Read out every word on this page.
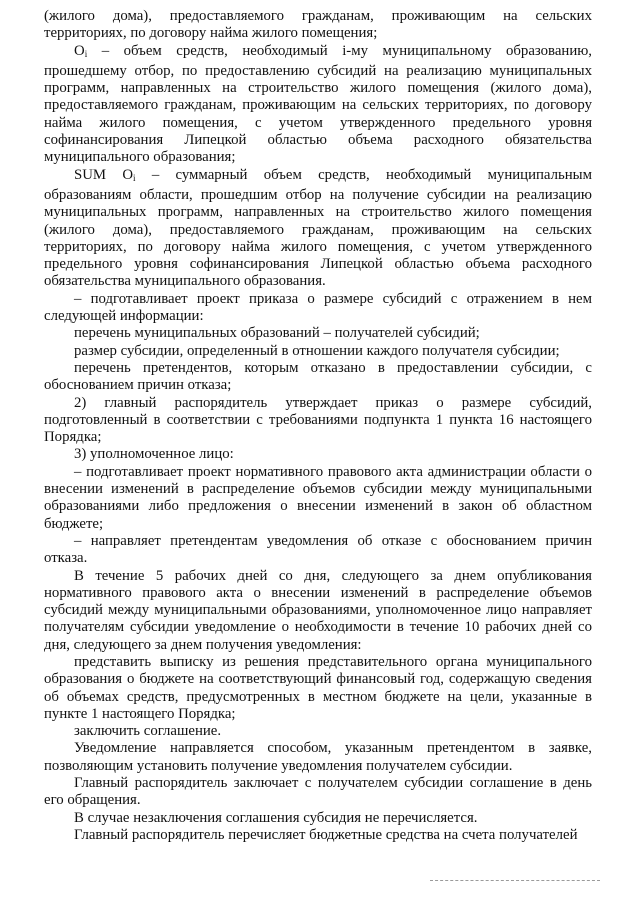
(жилого дома), предоставляемого гражданам, проживающим на сельских территориях, по договору найма жилого помещения;

$O_i$ – объем средств, необходимый i-му муниципальному образованию, прошедшему отбор, по предоставлению субсидий на реализацию муниципальных программ, направленных на строительство жилого помещения (жилого дома), предоставляемого гражданам, проживающим на сельских территориях, по договору найма жилого помещения, с учетом утвержденного предельного уровня софинансирования Липецкой областью объема расходного обязательства муниципального образования;

SUM $O_i$ – суммарный объем средств, необходимый муниципальным образованиям области, прошедшим отбор на получение субсидии на реализацию муниципальных программ, направленных на строительство жилого помещения (жилого дома), предоставляемого гражданам, проживающим на сельских территориях, по договору найма жилого помещения, с учетом утвержденного предельного уровня софинансирования Липецкой областью объема расходного обязательства муниципального образования.

– подготавливает проект приказа о размере субсидий с отражением в нем следующей информации:

перечень муниципальных образований – получателей субсидий;

размер субсидии, определенный в отношении каждого получателя субсидии;

перечень претендентов, которым отказано в предоставлении субсидии, с обоснованием причин отказа;

2) главный распорядитель утверждает приказ о размере субсидий, подготовленный в соответствии с требованиями подпункта 1 пункта 16 настоящего Порядка;

3) уполномоченное лицо:

– подготавливает проект нормативного правового акта администрации области о внесении изменений в распределение объемов субсидии между муниципальными образованиями либо предложения о внесении изменений в закон об областном бюджете;

– направляет претендентам уведомления об отказе с обоснованием причин отказа.

В течение 5 рабочих дней со дня, следующего за днем опубликования нормативного правового акта о внесении изменений в распределение объемов субсидий между муниципальными образованиями, уполномоченное лицо направляет получателям субсидии уведомление о необходимости в течение 10 рабочих дней со дня, следующего за днем получения уведомления:

представить выписку из решения представительного органа муниципального образования о бюджете на соответствующий финансовый год, содержащую сведения об объемах средств, предусмотренных в местном бюджете на цели, указанные в пункте 1 настоящего Порядка;

заключить соглашение.

Уведомление направляется способом, указанным претендентом в заявке, позволяющим установить получение уведомления получателем субсидии.

Главный распорядитель заключает с получателем субсидии соглашение в день его обращения.

В случае незаключения соглашения субсидия не перечисляется.

Главный распорядитель перечисляет бюджетные средства на счета получателей
